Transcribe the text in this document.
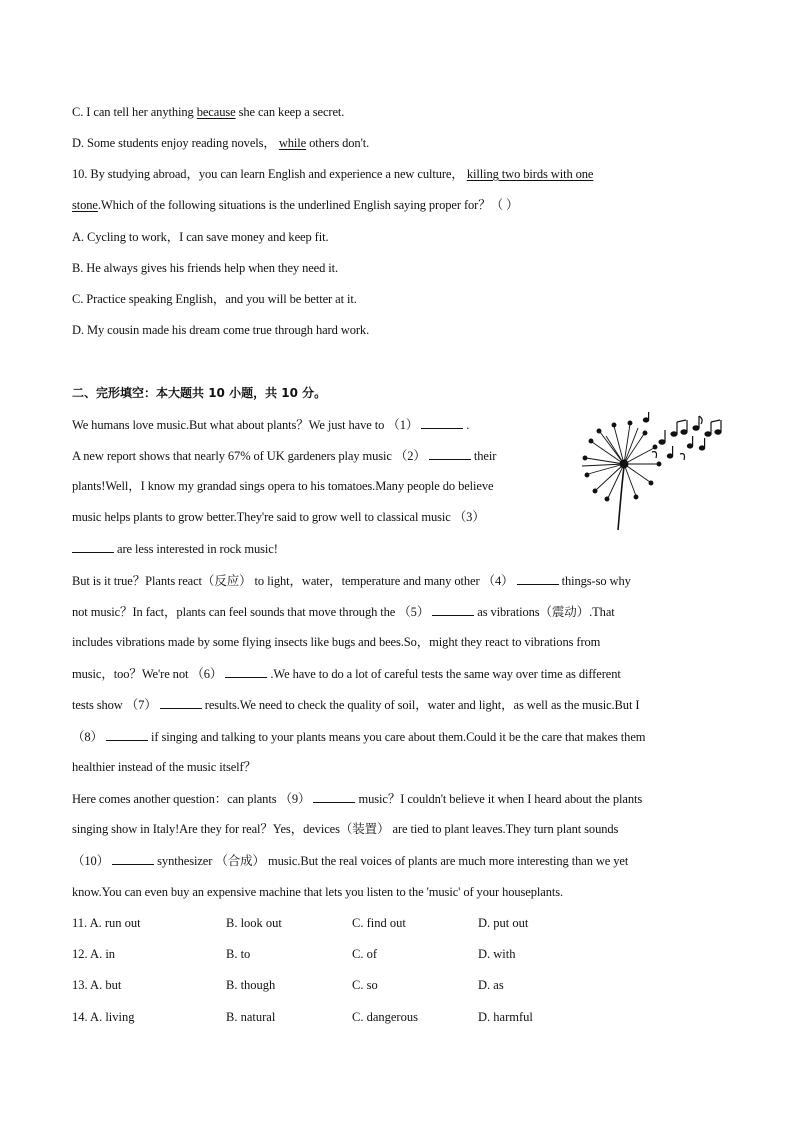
C. I can tell her anything because she can keep a secret.
D. Some students enjoy reading novels， while others don't.
10. By studying abroad，you can learn English and experience a new culture， killing two birds with one
stone.Which of the following situations is the underlined English saying proper for？（ ）
A. Cycling to work，I can save money and keep fit.
B. He always gives his friends help when they need it.
C. Practice speaking English，and you will be better at it.
D. My cousin made his dream come true through hard work.
二、完形填空：本大题共 10 小题，共 10 分。
We humans love music.But what about plants？We just have to （1）	.
A new report shows that nearly 67% of UK gardeners play music （2）	their
plants!Well，I know my grandad sings opera to his tomatoes.Many people do believe
music helps plants to grow better.They're said to grow well to classical music （3）
are less interested in rock music!
But is it true？Plants react（反应） to light，water，temperature and many other （4）	things-so why
not music？In fact，plants can feel sounds that move through the （5）	as vibrations（震动）.That
includes vibrations made by some flying insects like bugs and bees.So，might they react to vibrations from
music，too？We're not （6）	.We have to do a lot of careful tests the same way over time as different
tests show （7）	results.We need to check the quality of soil，water and light，as well as the music.But I
（8）	if singing and talking to your plants means you care about them.Could it be the care that makes them
healthier instead of the music itself？
Here comes another question：can plants （9）	music？I couldn't believe it when I heard about the plants
singing show in Italy!Are they for real？Yes，devices（装置） are tied to plant leaves.They turn plant sounds
（10）	synthesizer （合成） music.But the real voices of plants are much more interesting than we yet
know.You can even buy an expensive machine that lets you listen to the 'music' of your houseplants.
11. A. run out	B. look out	C. find out	D. put out
12. A. in	B. to	C. of	D. with
13. A. but	B. though	C. so	D. as
14. A. living	B. natural	C. dangerous	D. harmful
